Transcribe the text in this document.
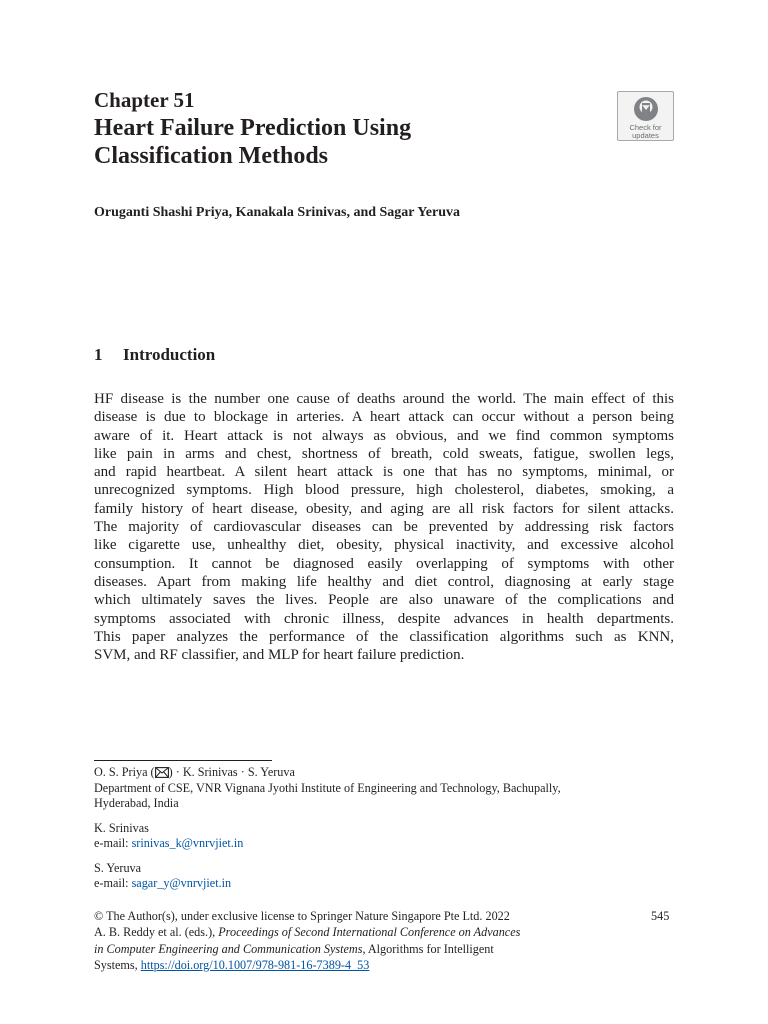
Chapter 51
Heart Failure Prediction Using
Classification Methods
Check for
updates
Oruganti Shashi Priya, Kanakala Srinivas, and Sagar Yeruva
1 Introduction
HF disease is the number one cause of deaths around the world. The main effect of this
disease is due to blockage in arteries. A heart attack can occur without a person being
aware of it. Heart attack is not always as obvious, and we find common symptoms
like pain in arms and chest, shortness of breath, cold sweats, fatigue, swollen legs,
and rapid heartbeat. A silent heart attack is one that has no symptoms, minimal, or
unrecognized symptoms. High blood pressure, high cholesterol, diabetes, smoking, a
family history of heart disease, obesity, and aging are all risk factors for silent attacks.
The majority of cardiovascular diseases can be prevented by addressing risk factors
like cigarette use, unhealthy diet, obesity, physical inactivity, and excessive alcohol
consumption. It cannot be diagnosed easily overlapping of symptoms with other
diseases. Apart from making life healthy and diet control, diagnosing at early stage
which ultimately saves the lives. People are also unaware of the complications and
symptoms associated with chronic illness, despite advances in health departments.
This paper analyzes the performance of the classification algorithms such as KNN,
SVM, and RF classifier, and MLP for heart failure prediction.
O. S. Priya ( ) · K. Srinivas · S. Yeruva
Department of CSE, VNR Vignana Jyothi Institute of Engineering and Technology, Bachupally,
Hyderabad, India
K. Srinivas
e-mail: srinivas_k@vnrvjiet.in
S. Yeruva
e-mail: sagar_y@vnrvjiet.in
© The Author(s), under exclusive license to Springer Nature Singapore Pte Ltd. 2022
A. B. Reddy et al. (eds.), Proceedings of Second International Conference on Advances
in Computer Engineering and Communication Systems, Algorithms for Intelligent
Systems, https://doi.org/10.1007/978-981-16-7389-4_53
545
